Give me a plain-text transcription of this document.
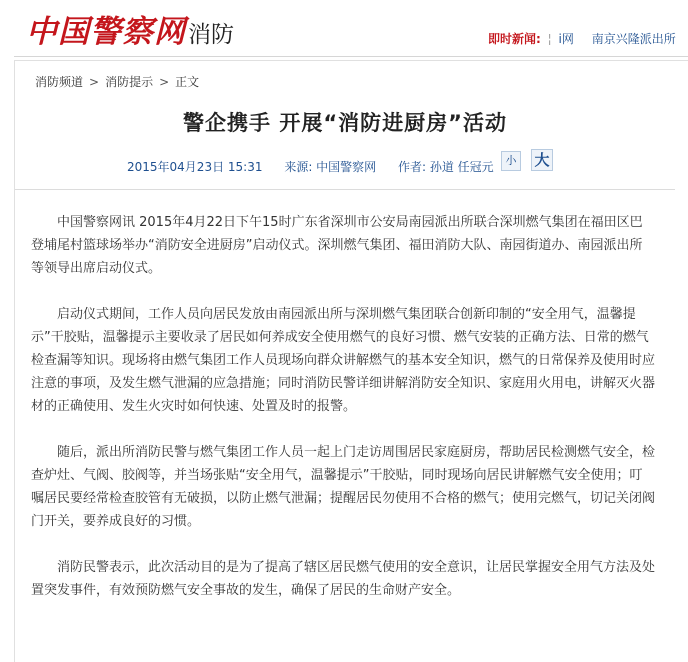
中国警察网 消防	即时新闻: ¦ i网 南京兴隆派出所
消防频道 > 消防提示 > 正文
警企携手 开展“消防进厨房”活动
2015年04月23日 15:31 来源: 中国警察网 作者: 孙道 任冠元	小	大

中国警察网讯 2015年4月22日下午15时广东省深圳市公安局南园派出所联合深圳燃气集团在福田区巴登埔尾村篮球场举办“消防安全进厨房”启动仪式。深圳燃气集团、福田消防大队、南园街道办、南园派出所等领导出席启动仪式。

启动仪式期间，工作人员向居民发放由南园派出所与深圳燃气集团联合创新印制的“安全用气，温馨提示”干胶贴，温馨提示主要收录了居民如何养成安全使用燃气的良好习惯、燃气安装的正确方法、日常的燃气检查漏等知识。现场将由燃气集团工作人员现场向群众讲解燃气的基本安全知识，燃气的日常保养及使用时应注意的事项，及发生燃气泄漏的应急措施；同时消防民警详细讲解消防安全知识、家庭用火用电，讲解灭火器材的正确使用、发生火灾时如何快速、处置及时的报警。

随后，派出所消防民警与燃气集团工作人员一起上门走访周围居民家庭厨房，帮助居民检测燃气安全，检查炉灶、气阀、胶阀等，并当场张贴“安全用气，温馨提示”干胶贴，同时现场向居民讲解燃气安全使用；叮嘱居民要经常检查胶管有无破损，以防止燃气泄漏；提醒居民勿使用不合格的燃气；使用完燃气，切记关闭阀门开关，要养成良好的习惯。

消防民警表示，此次活动目的是为了提高了辖区居民燃气使用的安全意识，让居民掌握安全用气方法及处置突发事件，有效预防燃气安全事故的发生，确保了居民的生命财产安全。
